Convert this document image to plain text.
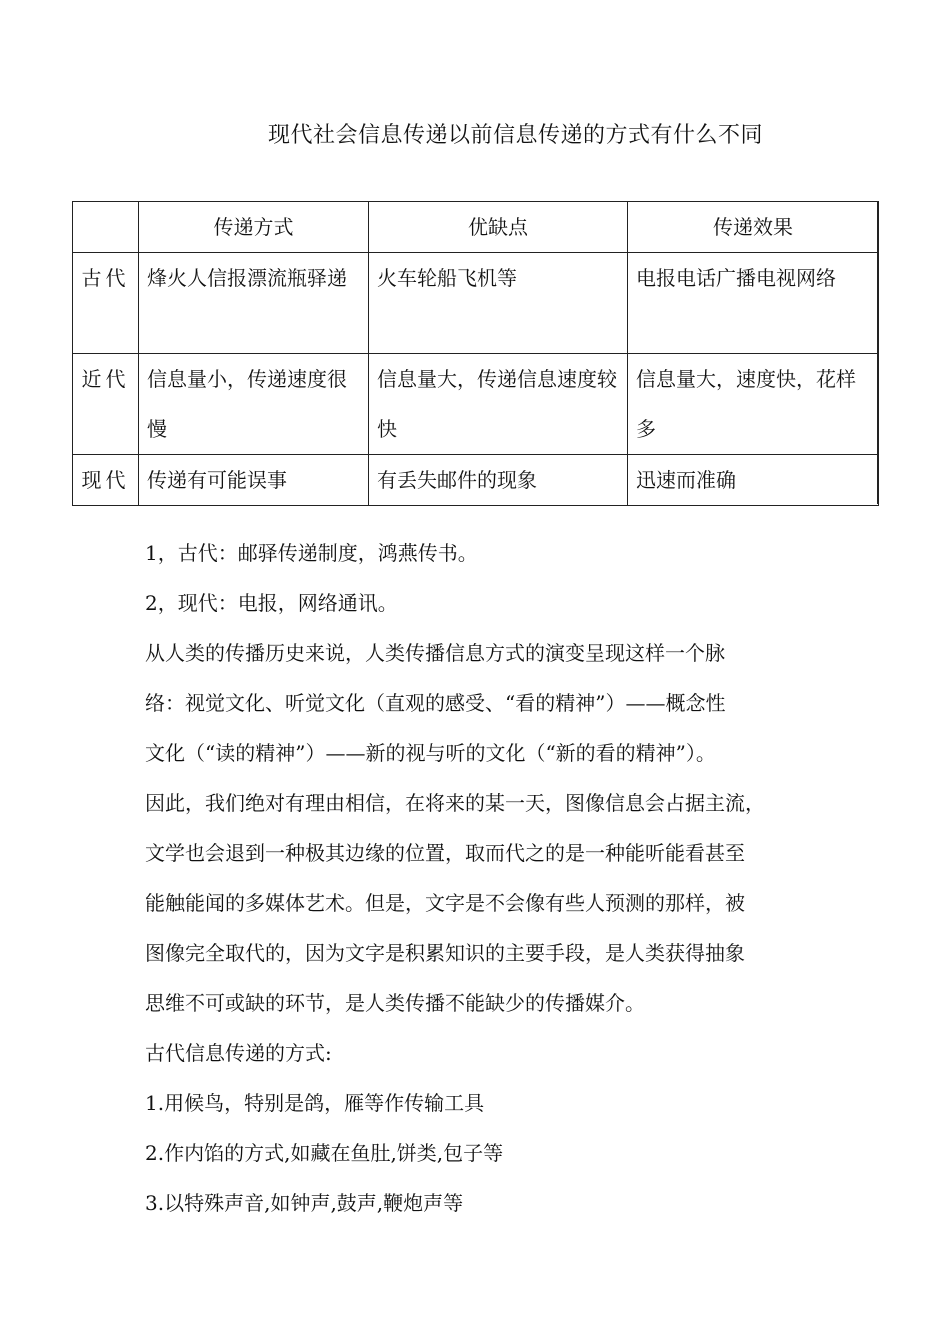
现代社会信息传递以前信息传递的方式有什么不同
	传递方式	优缺点	传递效果
古代	烽火人信报漂流瓶驿递	火车轮船飞机等	电报电话广播电视网络
近代	信息量小，传递速度很慢	信息量大，传递信息速度较快	信息量大，速度快，花样多
现代	传递有可能误事	有丢失邮件的现象	迅速而准确

1，古代：邮驿传递制度，鸿燕传书。

2，现代：电报，网络通讯。

从人类的传播历史来说，人类传播信息方式的演变呈现这样一个脉

络：视觉文化、听觉文化（直观的感受、“看的精神”）——概念性

文化（“读的精神”）——新的视与听的文化（“新的看的精神”）。

因此，我们绝对有理由相信，在将来的某一天，图像信息会占据主流，

文学也会退到一种极其边缘的位置，取而代之的是一种能听能看甚至

能触能闻的多媒体艺术。但是，文字是不会像有些人预测的那样，被

图像完全取代的，因为文字是积累知识的主要手段，是人类获得抽象

思维不可或缺的环节，是人类传播不能缺少的传播媒介。

古代信息传递的方式:

1.用候鸟，特别是鸽，雁等作传输工具

2.作内馅的方式,如藏在鱼肚,饼类,包子等

3.以特殊声音,如钟声,鼓声,鞭炮声等
